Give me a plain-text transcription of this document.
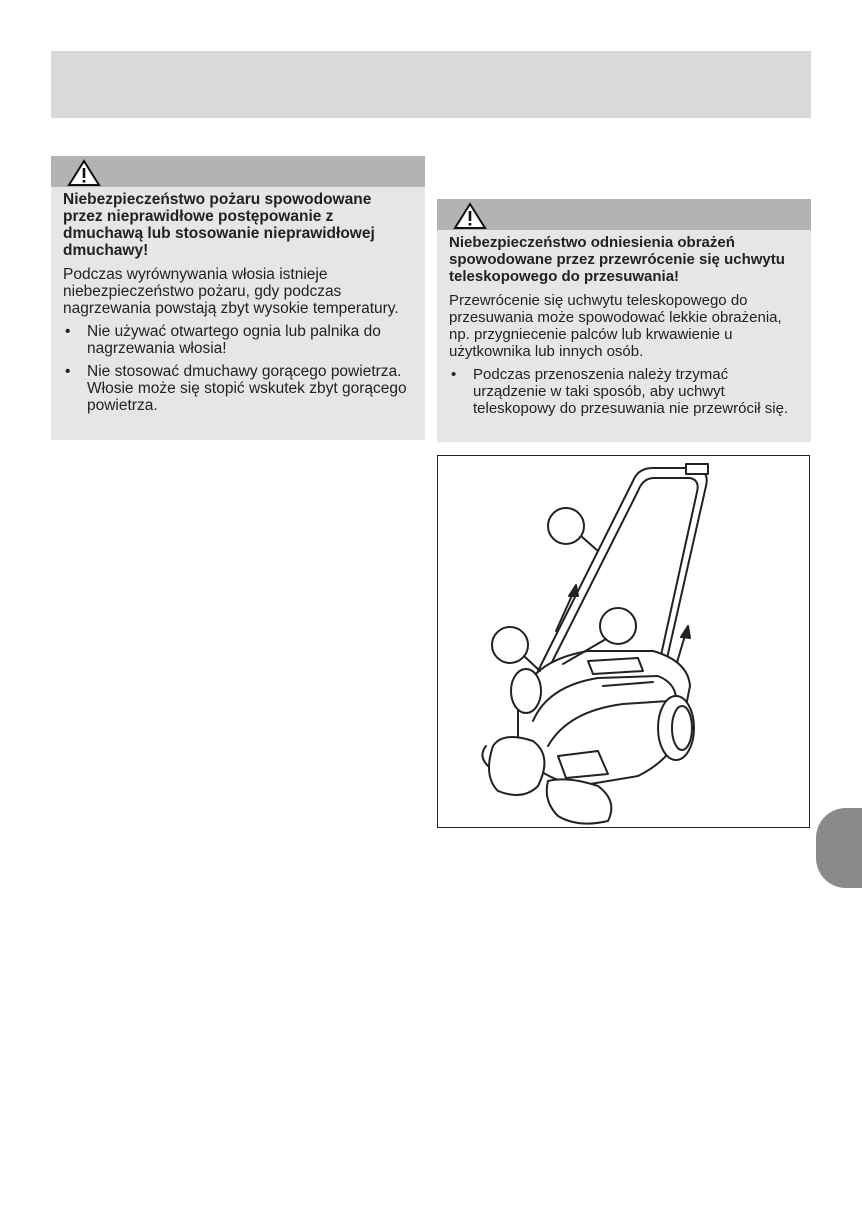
Niebezpieczeństwo pożaru spowodowane przez nieprawidłowe postępowanie z dmuchawą lub stosowanie nieprawidłowej dmuchawy!

Podczas wyrównywania włosia istnieje niebezpieczeństwo pożaru, gdy podczas nagrzewania powstają zbyt wysokie temperatury.

• Nie używać otwartego ognia lub palnika do nagrzewania włosia!
• Nie stosować dmuchawy gorącego powietrza. Włosie może się stopić wskutek zbyt gorącego powietrza.

Niebezpieczeństwo odniesienia obrażeń spowodowane przez przewrócenie się uchwytu teleskopowego do przesuwania!

Przewrócenie się uchwytu teleskopowego do przesuwania może spowodować lekkie obrażenia, np. przygniecenie palców lub krwawienie u użytkownika lub innych osób.

• Podczas przenoszenia należy trzymać urządzenie w taki sposób, aby uchwyt teleskopowy do przesuwania nie przewrócił się.
